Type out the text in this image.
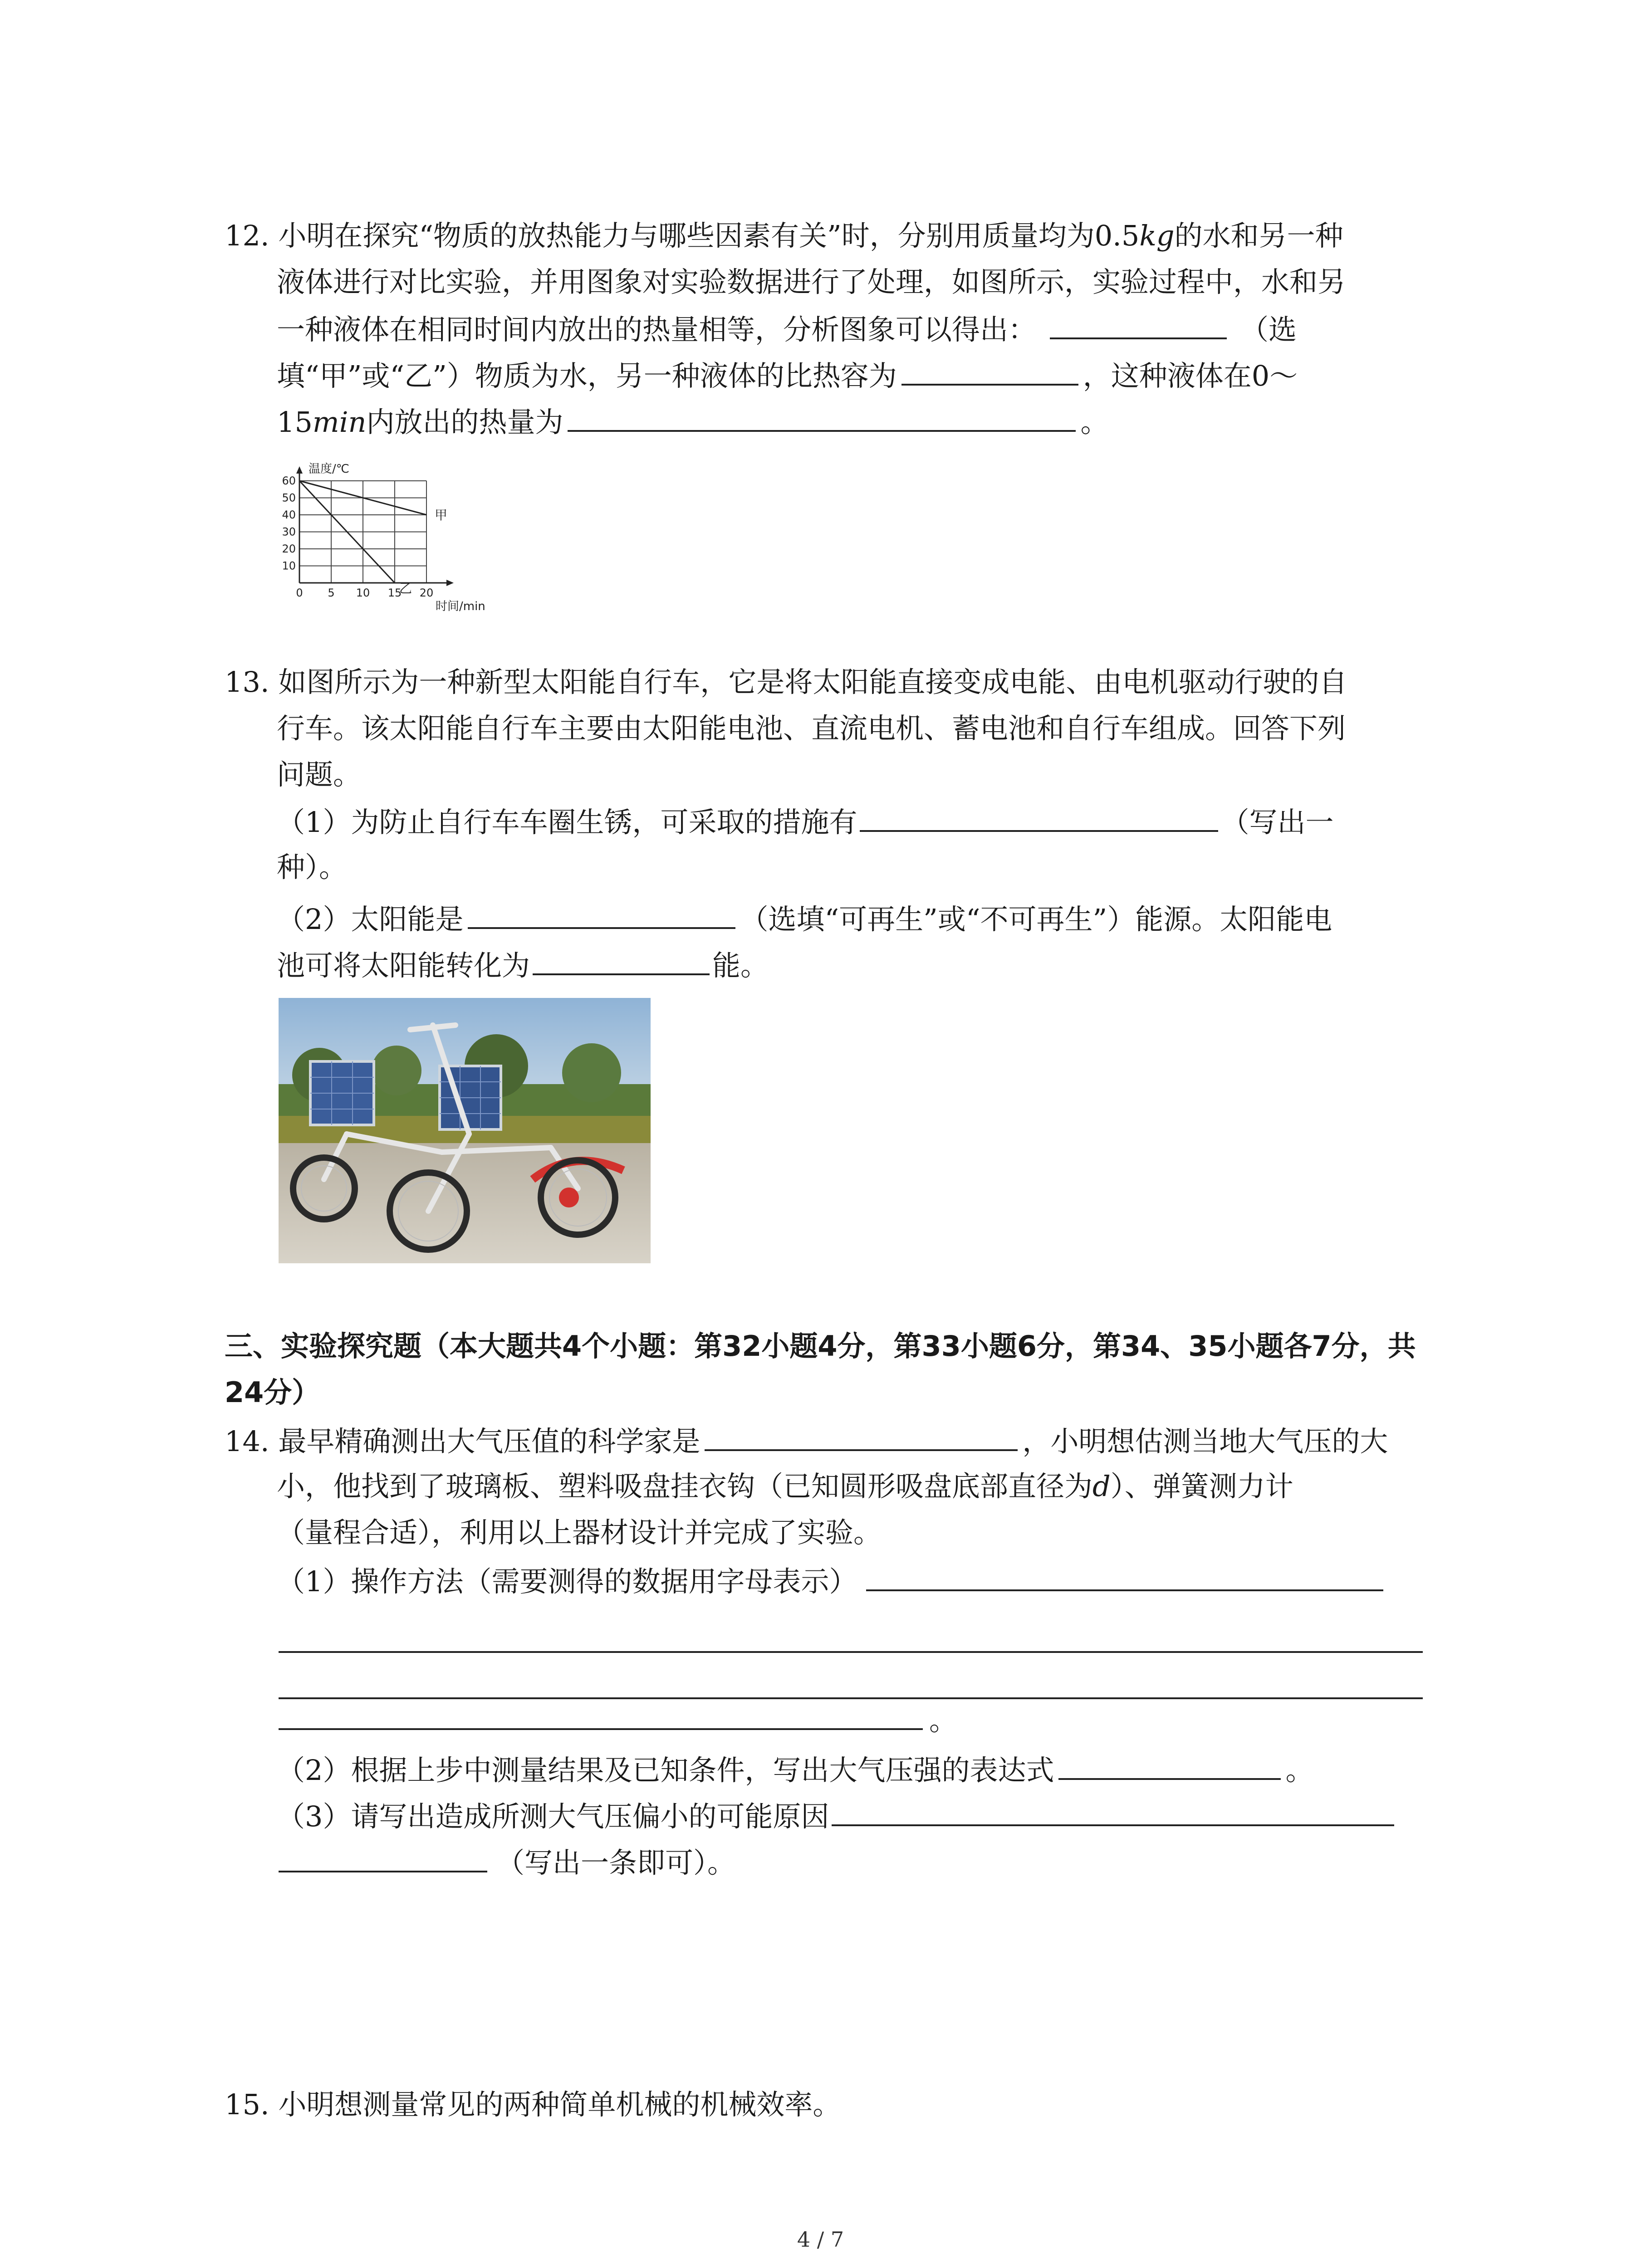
12. 小明在探究“物质的放热能力与哪些因素有关”时，分别用质量均为0.5kg的水和另一种
液体进行对比实验，并用图象对实验数据进行了处理，如图所示，实验过程中，水和另
一种液体在相同时间内放出的热量相等，分析图象可以得出：	（选
填“甲”或“乙”）物质为水，另一种液体的比热容为	，这种液体在0～
15min内放出的热量为	。
0 5 10 15 20
10
20
30
40
50
60
温度/℃
时间/min
甲
乙
13. 如图所示为一种新型太阳能自行车，它是将太阳能直接变成电能、由电机驱动行驶的自
行车。该太阳能自行车主要由太阳能电池、直流电机、蓄电池和自行车组成。回答下列
问题。
（1）为防止自行车车圈生锈，可采取的措施有	（写出一
种）。
（2）太阳能是	（选填“可再生”或“不可再生”）能源。太阳能电
池可将太阳能转化为	能。
三、实验探究题（本大题共4个小题：第32小题4分，第33小题6分，第34、35小题各7分，共
24分）
14. 最早精确测出大气压值的科学家是	，小明想估测当地大气压的大
小，他找到了玻璃板、塑料吸盘挂衣钩（已知圆形吸盘底部直径为d）、弹簧测力计
（量程合适），利用以上器材设计并完成了实验。
（1）操作方法（需要测得的数据用字母表示）
。
（2）根据上步中测量结果及已知条件，写出大气压强的表达式	。
（3）请写出造成所测大气压偏小的可能原因
（写出一条即可）。
15. 小明想测量常见的两种简单机械的机械效率。
4 / 7
